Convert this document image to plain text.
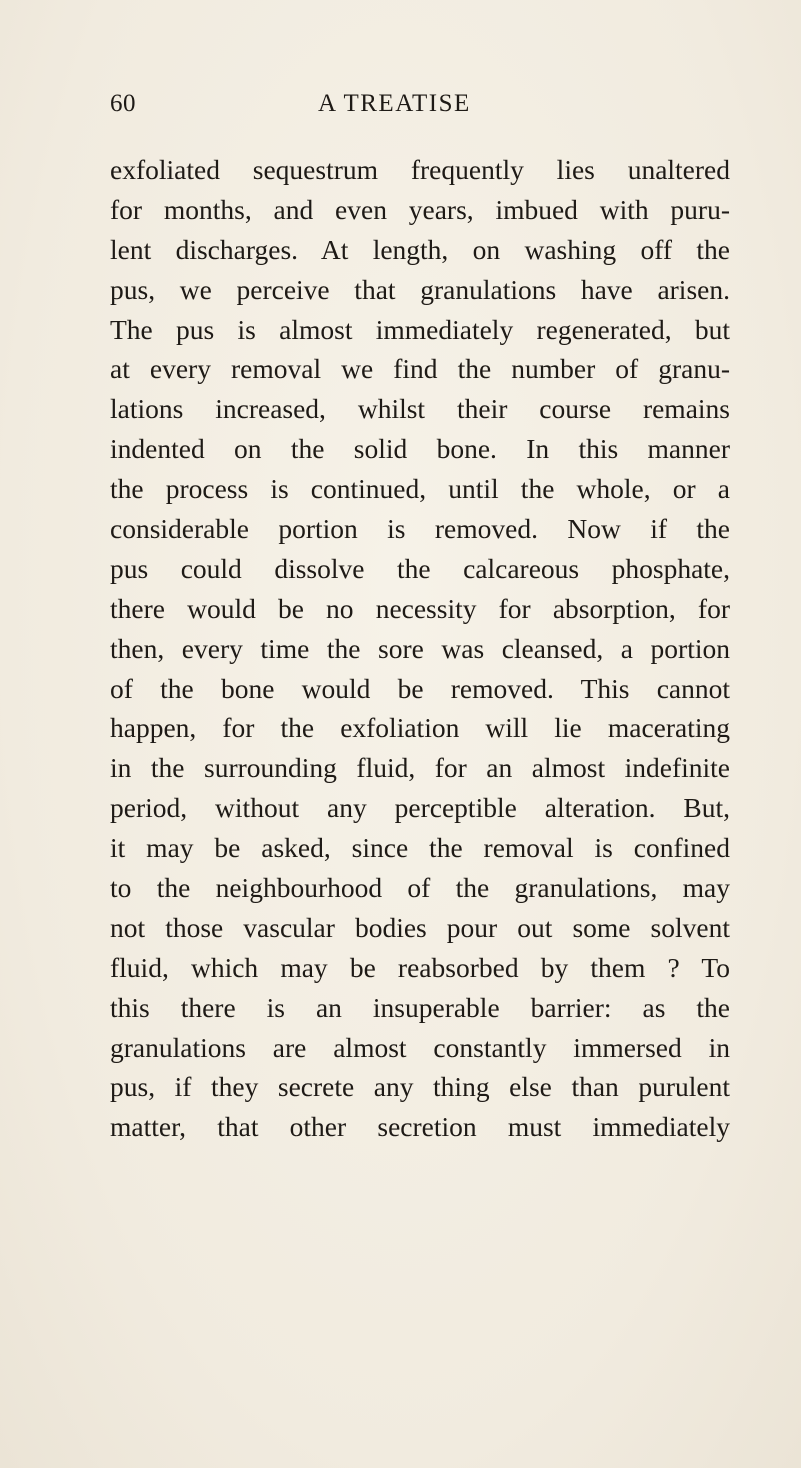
60	A TREATISE
exfoliated sequestrum frequently lies unaltered
for months, and even years, imbued with puru-
lent discharges. At length, on washing off the
pus, we perceive that granulations have arisen.
The pus is almost immediately regenerated, but
at every removal we find the number of granu-
lations increased, whilst their course remains
indented on the solid bone. In this manner
the process is continued, until the whole, or a
considerable portion is removed. Now if the
pus could dissolve the calcareous phosphate,
there would be no necessity for absorption, for
then, every time the sore was cleansed, a portion
of the bone would be removed. This cannot
happen, for the exfoliation will lie macerating
in the surrounding fluid, for an almost indefinite
period, without any perceptible alteration. But,
it may be asked, since the removal is confined
to the neighbourhood of the granulations, may
not those vascular bodies pour out some solvent
fluid, which may be reabsorbed by them ? To
this there is an insuperable barrier: as the
granulations are almost constantly immersed in
pus, if they secrete any thing else than purulent
matter, that other secretion must immediately
